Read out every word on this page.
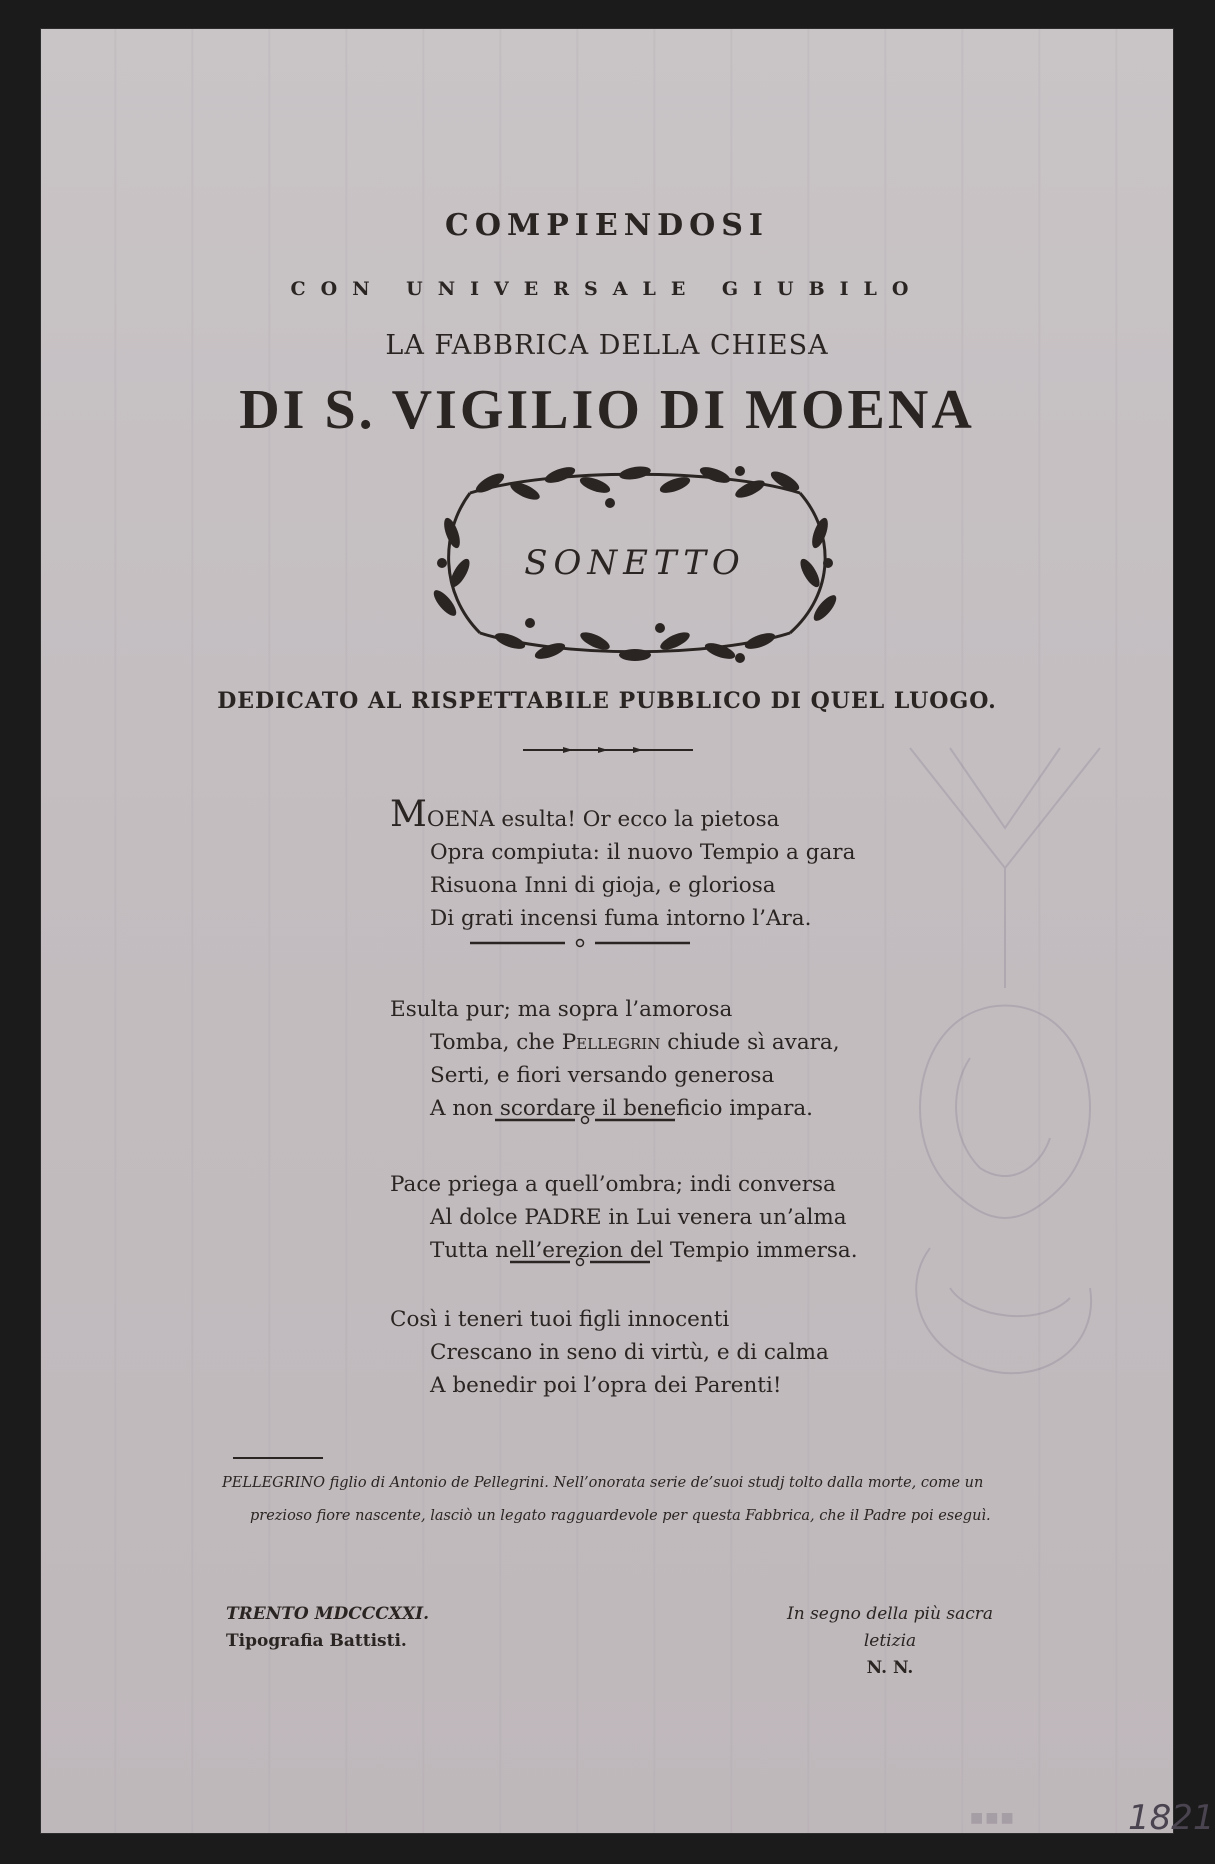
COMPIENDOSI
CON UNIVERSALE GIUBILO
LA FABBRICA DELLA CHIESA
DI S. VIGILIO DI MOENA
SONETTO
DEDICATO AL RISPETTABILE PUBBLICO DI QUEL LUOGO.
MOENA esulta! Or ecco la pietosa
Opra compiuta: il nuovo Tempio a gara
Risuona Inni di gioja, e gloriosa
Di grati incensi fuma intorno l’Ara.
Esulta pur; ma sopra l’amorosa
Tomba, che Pellegrin chiude sì avara,
Serti, e fiori versando generosa
A non scordare il beneficio impara.
Pace priega a quell’ombra; indi conversa
Al dolce PADRE in Lui venera un’alma
Tutta nell’erezion del Tempio immersa.
Così i teneri tuoi figli innocenti
Crescano in seno di virtù, e di calma
A benedir poi l’opra dei Parenti!
PELLEGRINO figlio di Antonio de Pellegrini. Nell’onorata serie de’suoi studj tolto dalla morte, come un
prezioso fiore nascente, lasciò un legato ragguardevole per questa Fabbrica, che il Padre poi eseguì.
TRENTO MDCCCXXI.
Tipografia Battisti.
In segno della più sacra letizia
N. N.
■■■	1821
